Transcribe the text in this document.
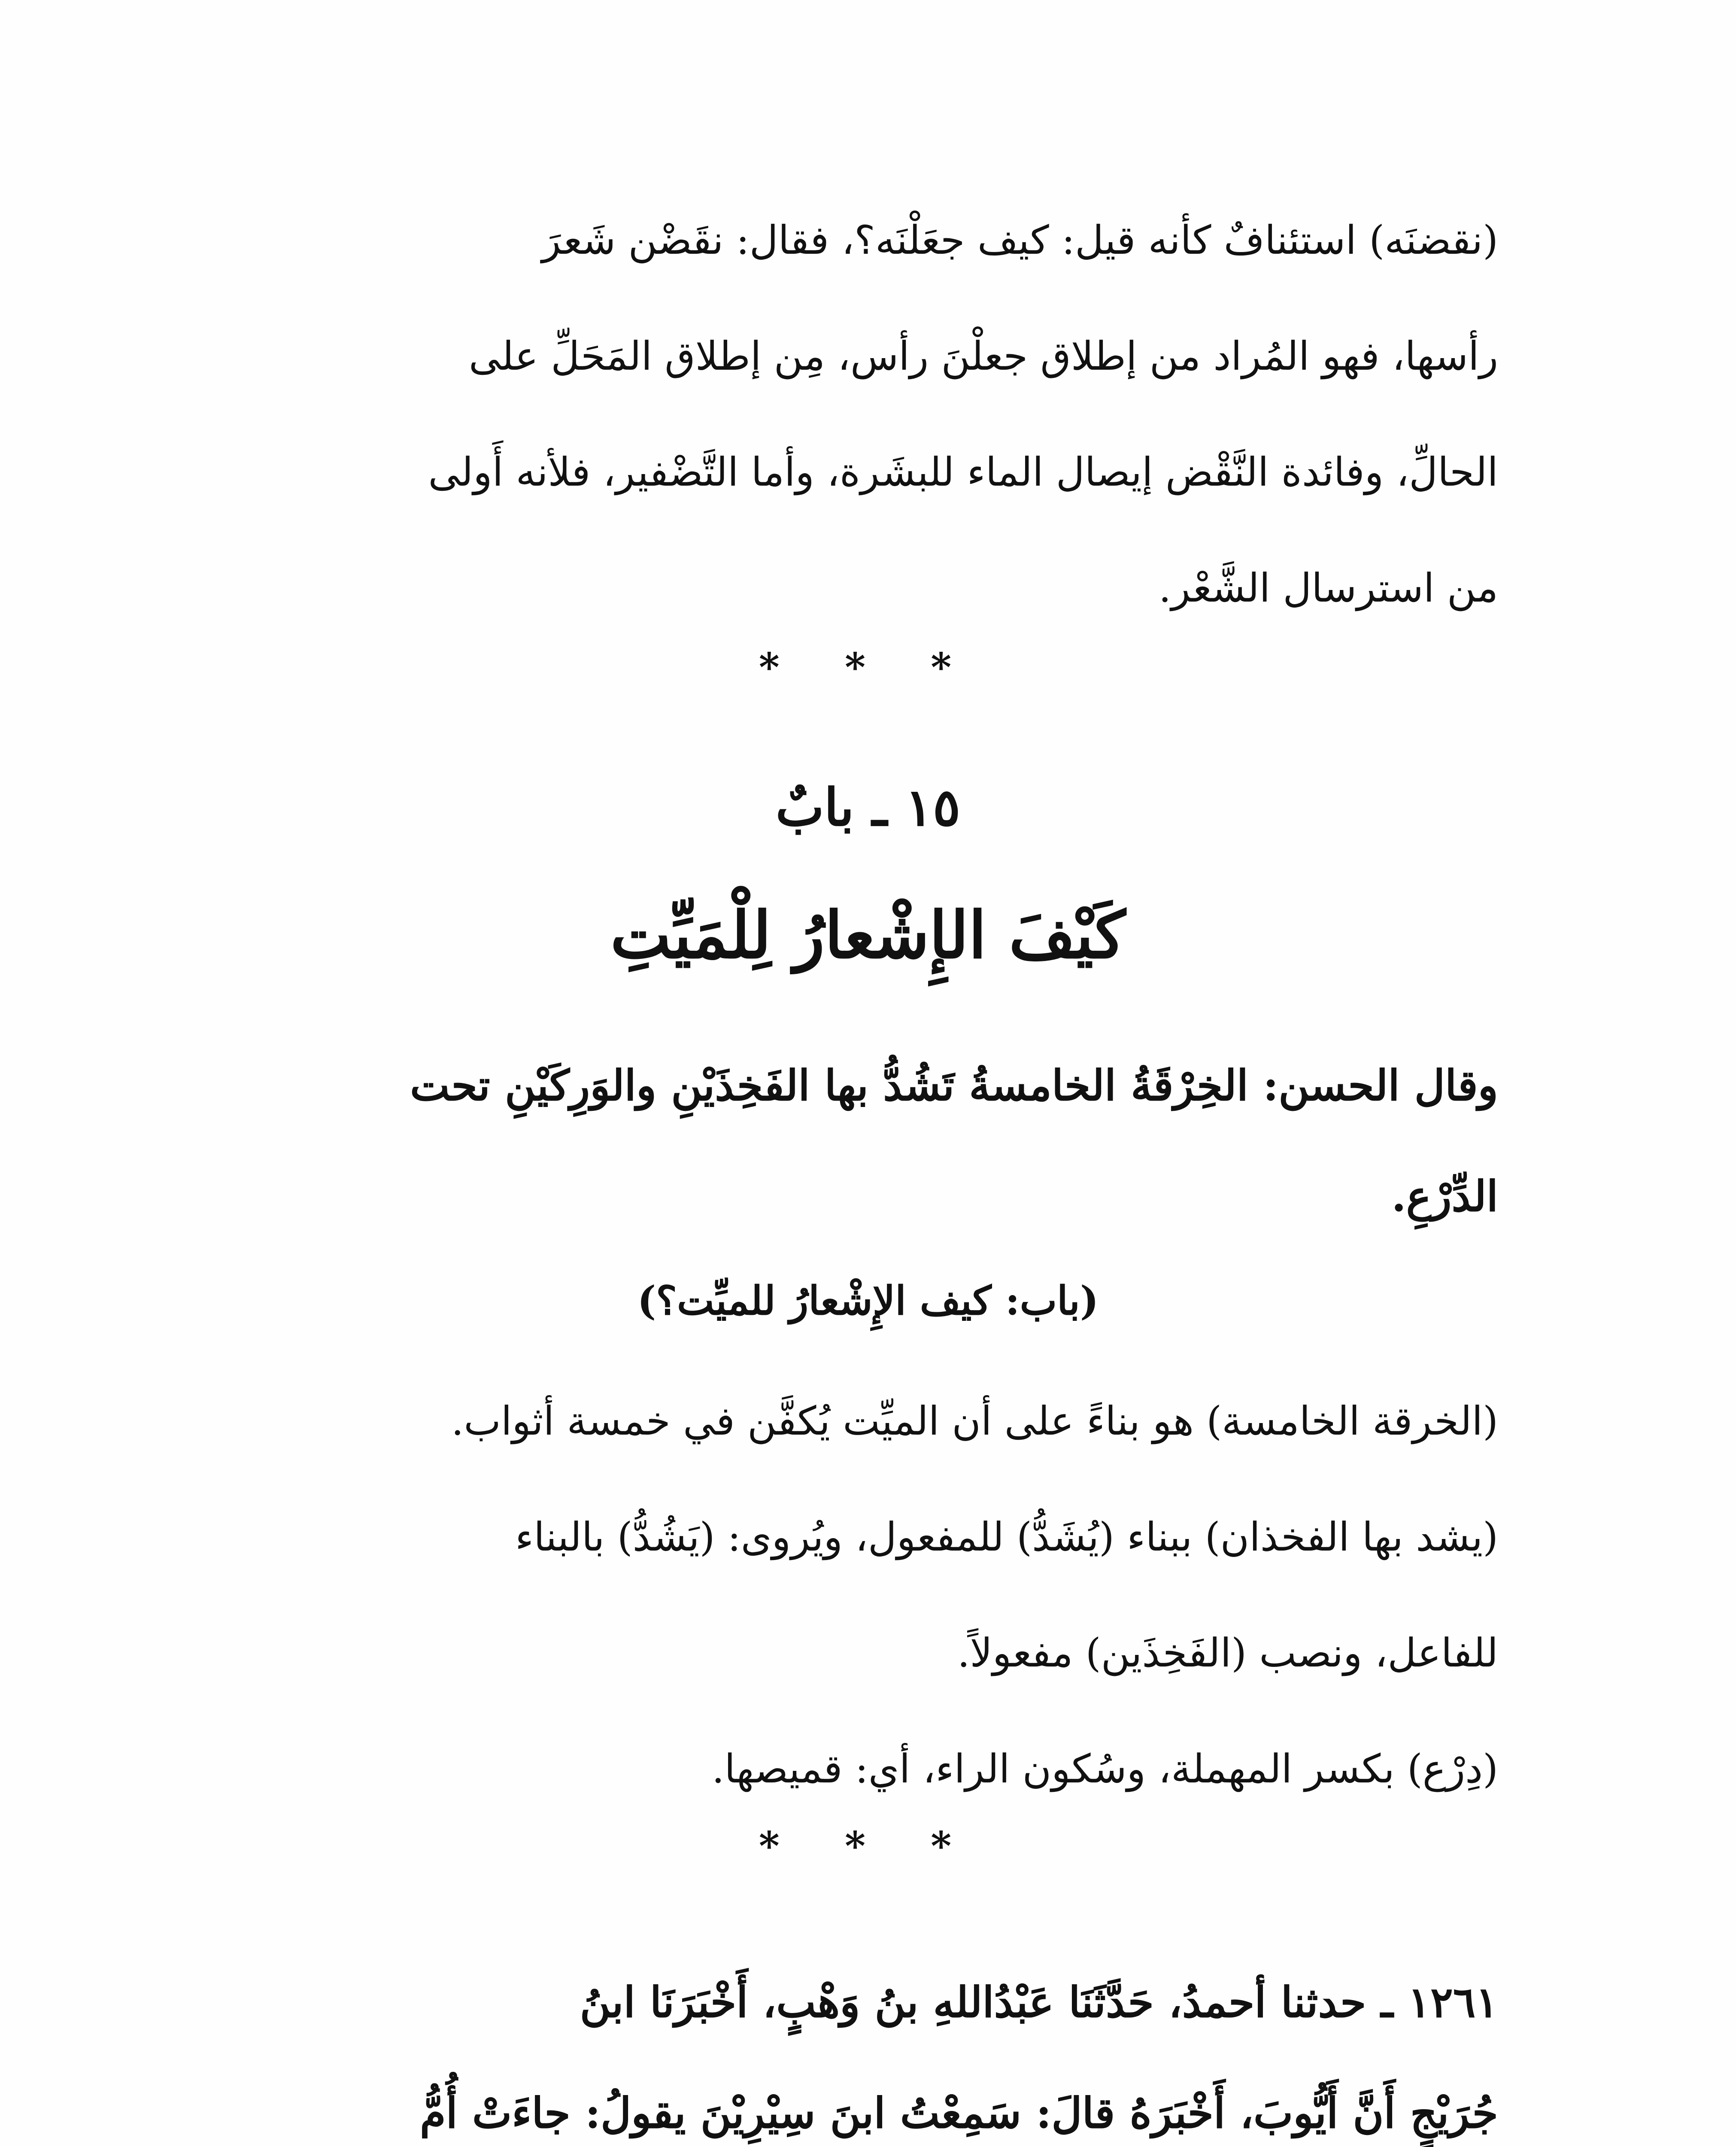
(نقضنَه) استئنافٌ كأنه قيل: كيف جعَلْنَه؟، فقال: نقَضْن شَعرَ

رأسها، فهو المُراد من إطلاق جعلْنَ رأس، مِن إطلاق المَحَلِّ على

الحالِّ، وفائدة النَّقْض إيصال الماء للبشَرة، وأما التَّضْفير، فلأنه أَولى

من استرسال الشَّعْر.

* * *
١٥ ـ بابٌ
كَيْفَ الإِشْعارُ لِلْمَيِّتِ

وقال الحسن: الخِرْقَةُ الخامسةُ تَشُدُّ بها الفَخِذَيْنِ والوَرِكَيْنِ تحت

الدِّرْعِ.

(باب: كيف الإِشْعارُ للميِّت؟)

(الخرقة الخامسة) هو بناءً على أن الميِّت يُكفَّن في خمسة أثواب.

(يشد بها الفخذان) ببناء (يُشَدُّ) للمفعول، ويُروى: (يَشُدُّ) بالبناء

للفاعل، ونصب (الفَخِذَين) مفعولاً.

(دِرْع) بكسر المهملة، وسُكون الراء، أي: قميصها.

* * *

١٢٦١ ـ حدثنا أحمدُ، حَدَّثَنَا عَبْدُاللهِ بنُ وَهْبٍ، أَخْبَرَنَا ابنُ

جُرَيْجٍ أَنَّ أَيُّوبَ، أَخْبَرَهُ قالَ: سَمِعْتُ ابنَ سِيْرِيْنَ يقولُ: جاءَتْ أُمُّ
